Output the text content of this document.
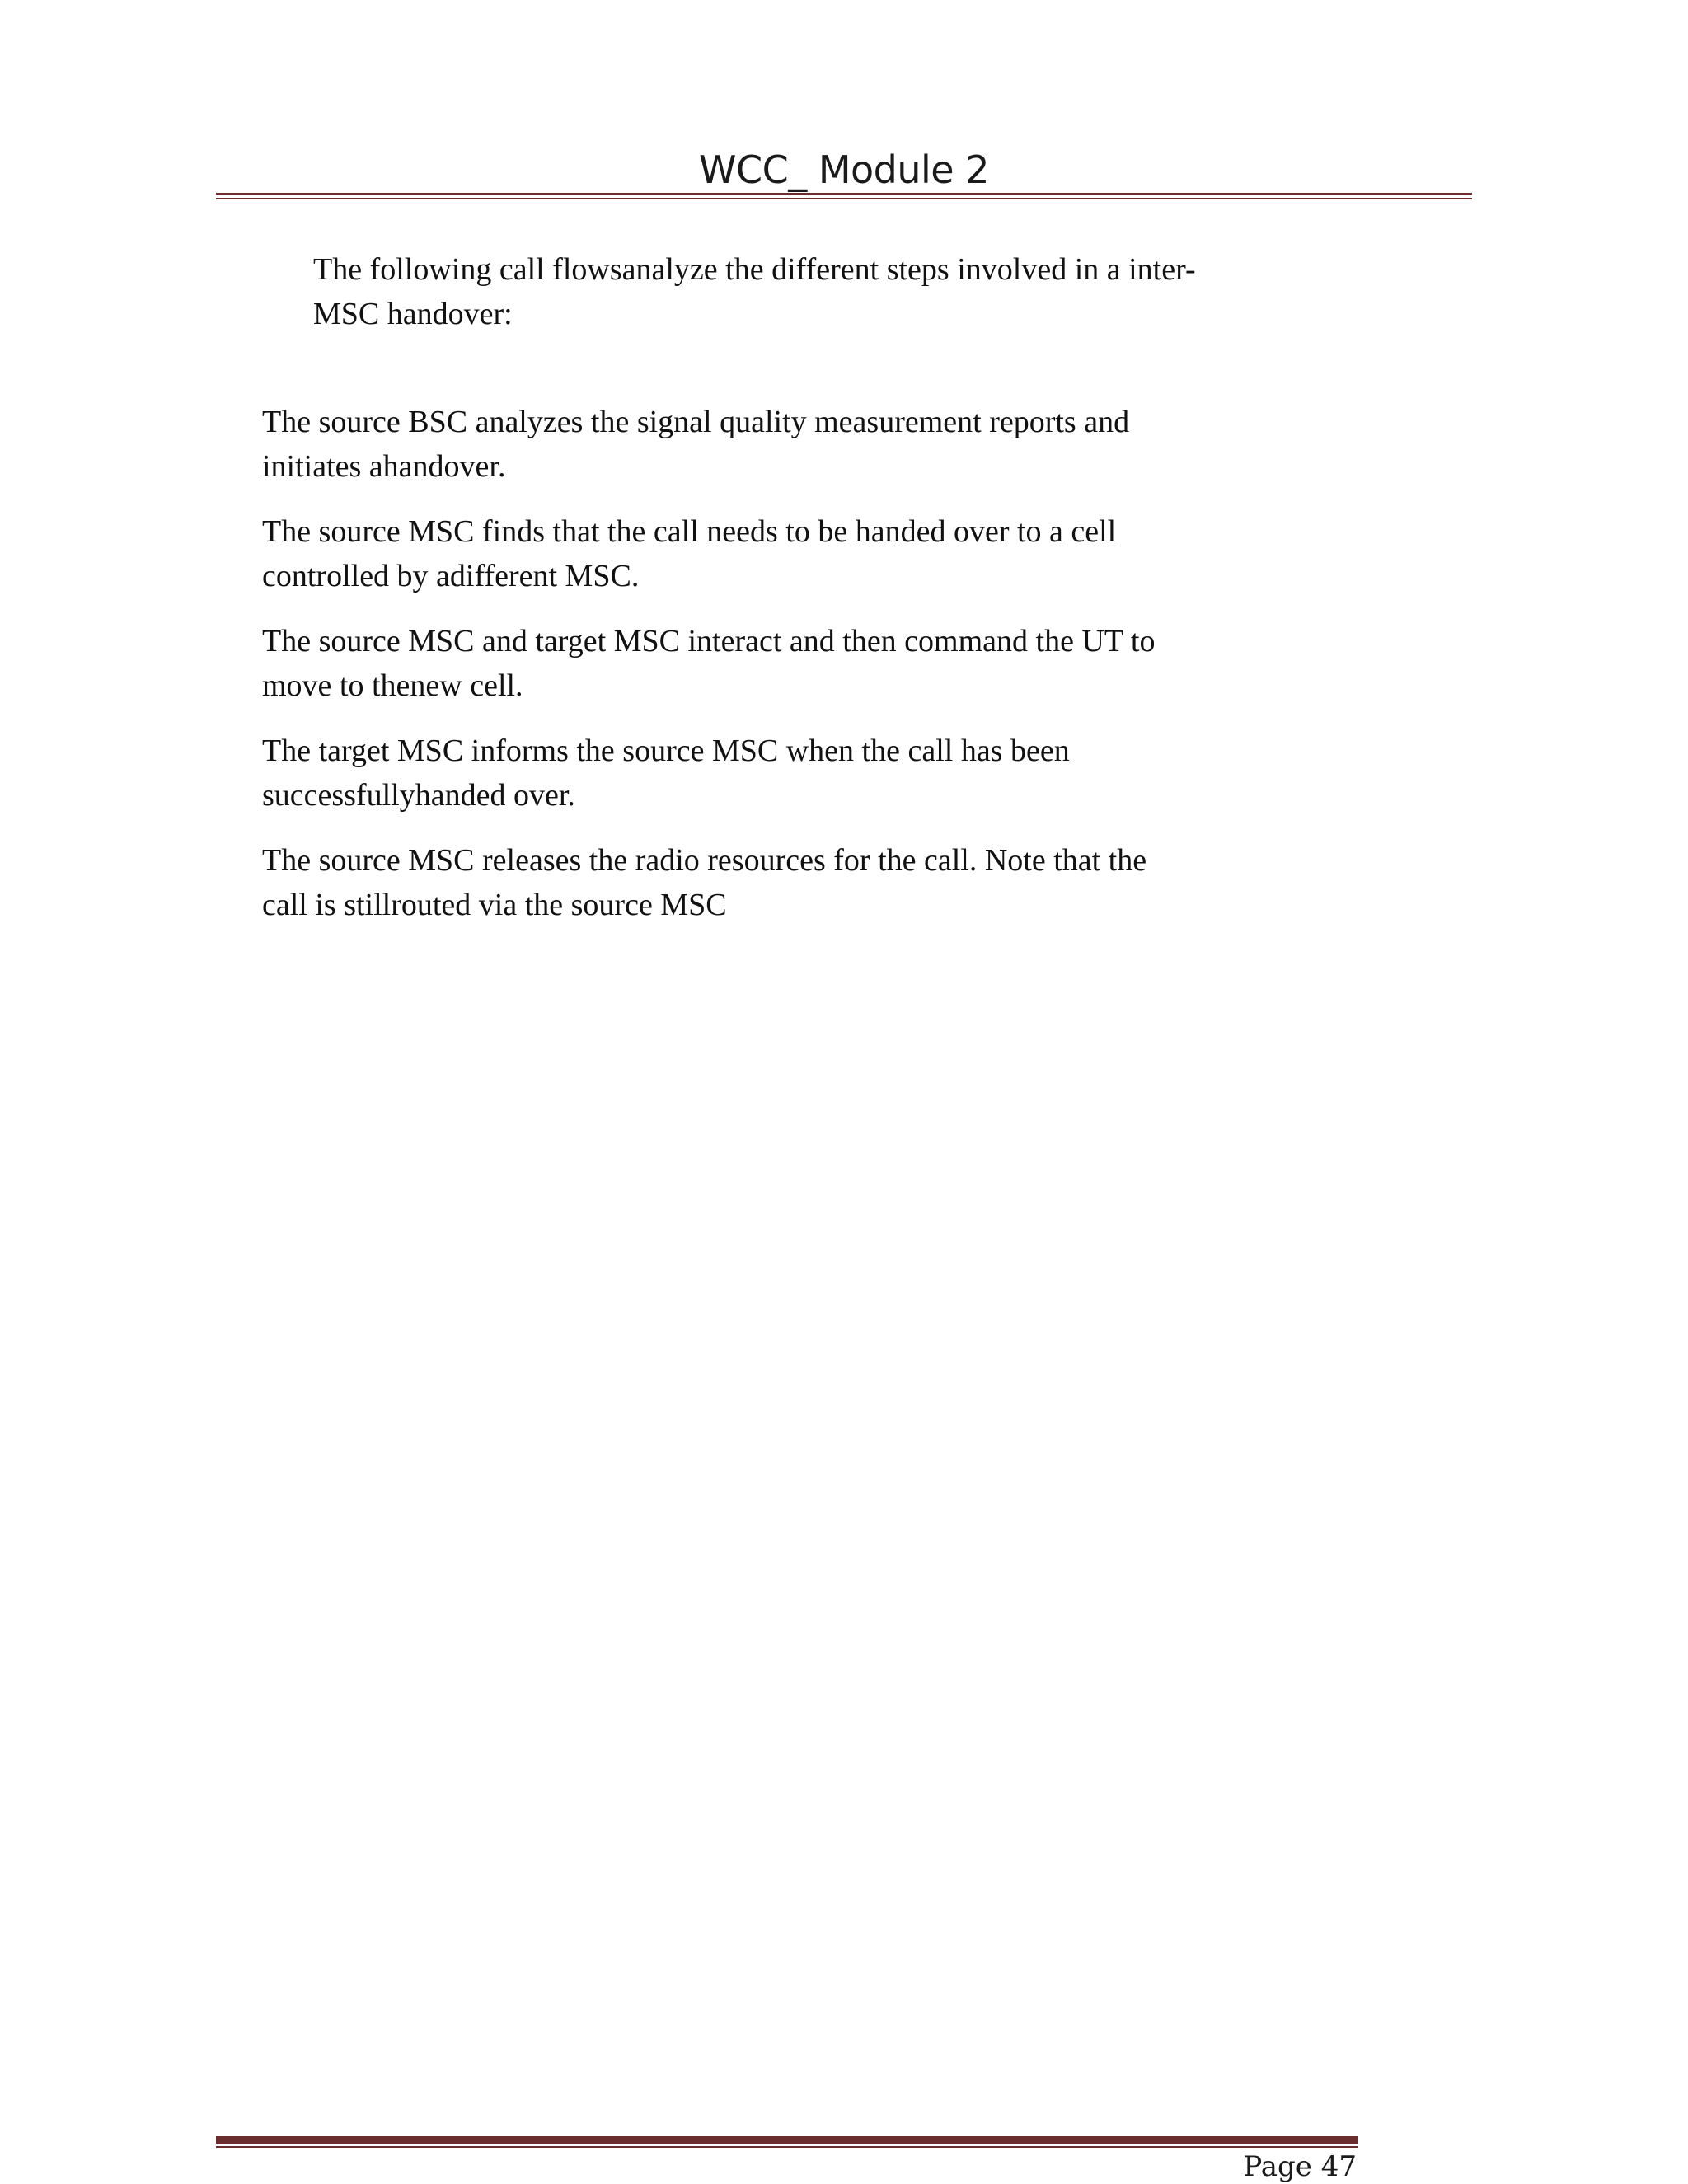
WCC_ Module 2
The following call flowsanalyze the different steps involved in a inter-
MSC handover:
The source BSC analyzes the signal quality measurement reports and
initiates ahandover.
The source MSC finds that the call needs to be handed over to a cell
controlled by adifferent MSC.
The source MSC and target MSC interact and then command the UT to
move to thenew cell.
The target MSC informs the source MSC when the call has been
successfullyhanded over.
The source MSC releases the radio resources for the call. Note that the
call is stillrouted via the source MSC
Page 47
